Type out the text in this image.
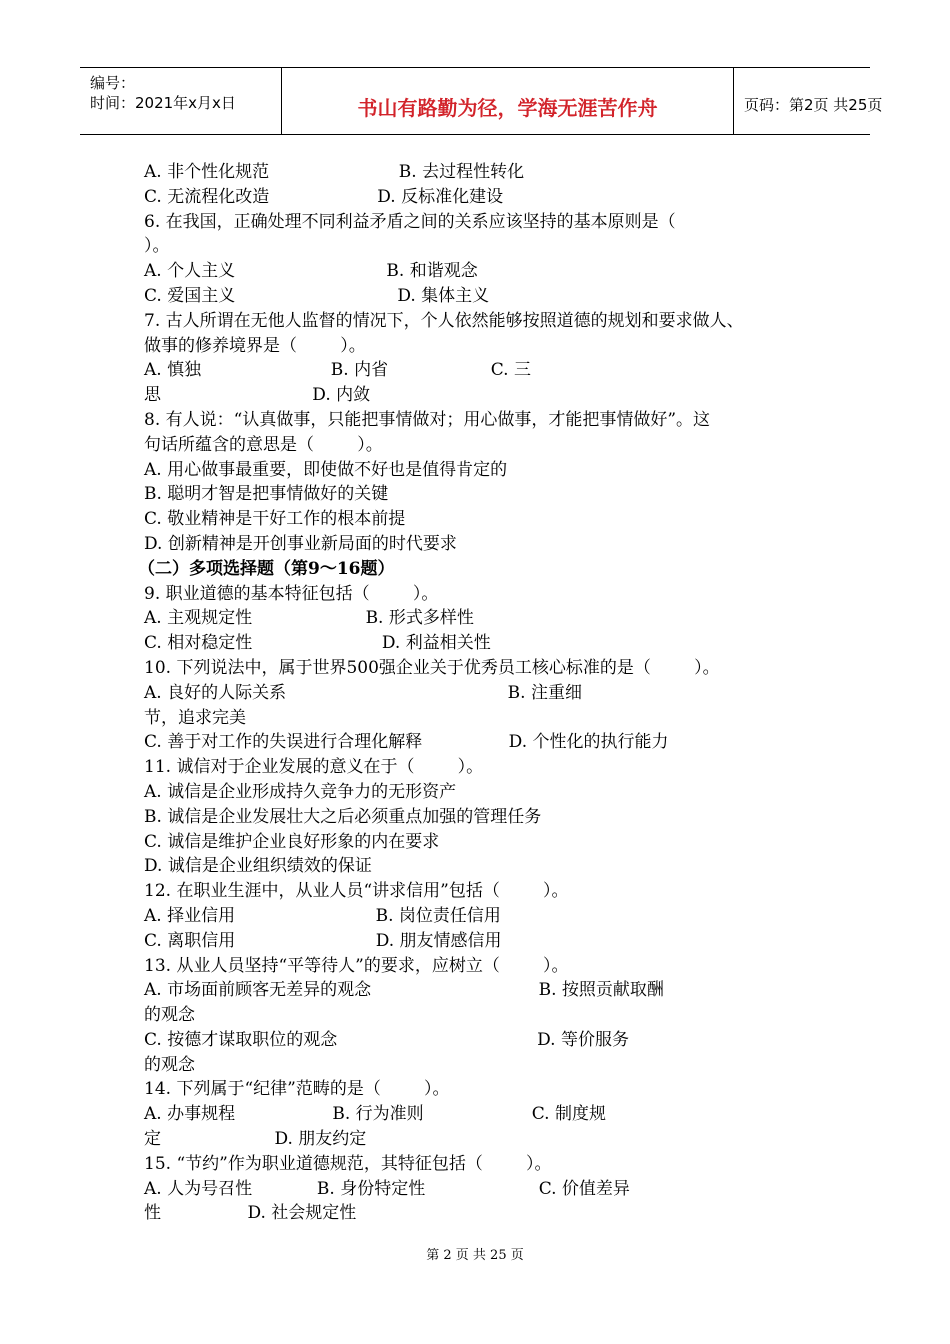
编号：
时间：2021年x月x日	书山有路勤为径，学海无涯苦作舟	页码：第2页 共25页
A. 非个性化规范                        B. 去过程性转化
C. 无流程化改造                    D. 反标准化建设
6. 在我国，正确处理不同利益矛盾之间的关系应该坚持的基本原则是（
）。
A. 个人主义                            B. 和谐观念
C. 爱国主义                              D. 集体主义
7. 古人所谓在无他人监督的情况下，个人依然能够按照道德的规划和要求做人、
做事的修养境界是（        ）。
A. 慎独                        B. 内省                   C. 三
思                            D. 内敛
8. 有人说：“认真做事，只能把事情做对；用心做事，才能把事情做好”。这
句话所蕴含的意思是（        ）。
A. 用心做事最重要，即使做不好也是值得肯定的
B. 聪明才智是把事情做好的关键
C. 敬业精神是干好工作的根本前提
D. 创新精神是开创事业新局面的时代要求
（二）多项选择题（第9～16题）
9. 职业道德的基本特征包括（        ）。
A. 主观规定性                     B. 形式多样性
C. 相对稳定性                        D. 利益相关性
10. 下列说法中，属于世界500强企业关于优秀员工核心标准的是（        ）。
A. 良好的人际关系                                         B. 注重细
节，追求完美
C. 善于对工作的失误进行合理化解释                D. 个性化的执行能力
11. 诚信对于企业发展的意义在于（        ）。
A. 诚信是企业形成持久竞争力的无形资产
B. 诚信是企业发展壮大之后必须重点加强的管理任务
C. 诚信是维护企业良好形象的内在要求
D. 诚信是企业组织绩效的保证
12. 在职业生涯中，从业人员“讲求信用”包括（        ）。
A. 择业信用                          B. 岗位责任信用
C. 离职信用                          D. 朋友情感信用
13. 从业人员坚持“平等待人”的要求，应树立（        ）。
A. 市场面前顾客无差异的观念                               B. 按照贡献取酬
的观念
C. 按德才谋取职位的观念                                     D. 等价服务
的观念
14. 下列属于“纪律”范畴的是（        ）。
A. 办事规程                  B. 行为准则                    C. 制度规
定                     D. 朋友约定
15. “节约”作为职业道德规范，其特征包括（        ）。
A. 人为号召性            B. 身份特定性                     C. 价值差异
性                D. 社会规定性
第 2 页 共 25 页
